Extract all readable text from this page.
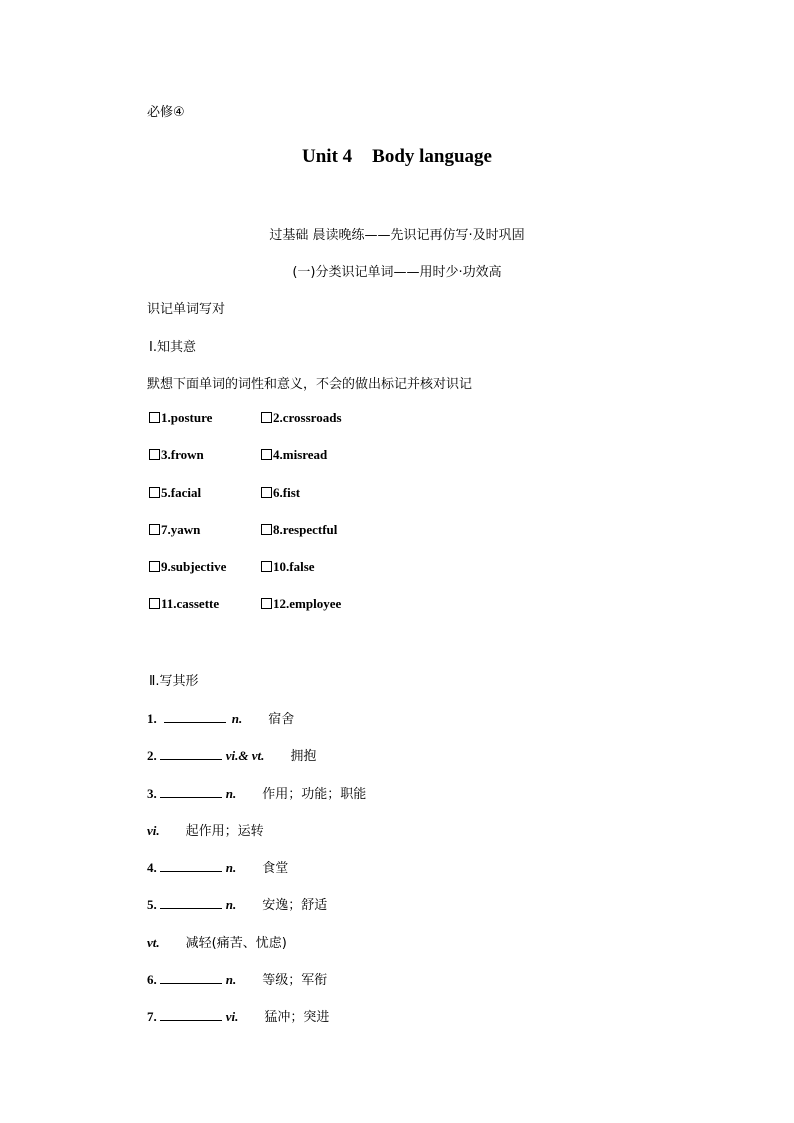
必修④
Unit 4 Body language
过基础 晨读晚练——先识记再仿写·及时巩固
(一)分类识记单词——用时少·功效高
识记单词写对
Ⅰ.知其意
默想下面单词的词性和意义，不会的做出标记并核对识记
1.posture	2.crossroads
3.frown	4.misread
5.facial	6.fist
7.yawn	8.respectful
9.subjective	10.false
11.cassette	12.employee
Ⅱ.写其形
1.	n. 宿舍
2.	vi.& vt. 拥抱
3.	n. 作用；功能；职能
vi. 起作用；运转
4.	n. 食堂
5.	n. 安逸；舒适
vt. 减轻(痛苦、忧虑)
6.	n. 等级；军衔
7.	vi. 猛冲；突进
